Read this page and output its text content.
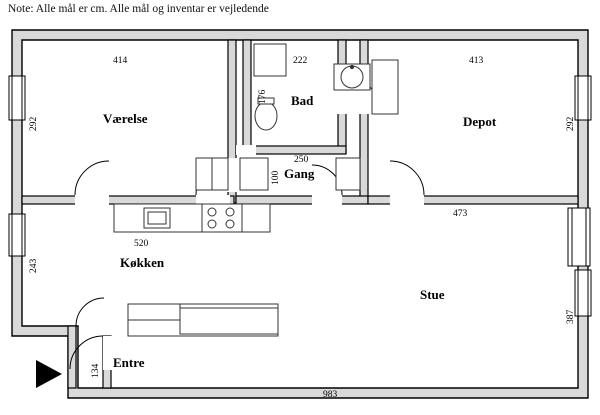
Note: Alle mål er cm. Alle mål og inventar er vejledende
Værelse
Bad
Depot
Gang
Køkken
Stue
Entre
414	222	413
176
292	292
250
100
473
520
243
387
134
983
